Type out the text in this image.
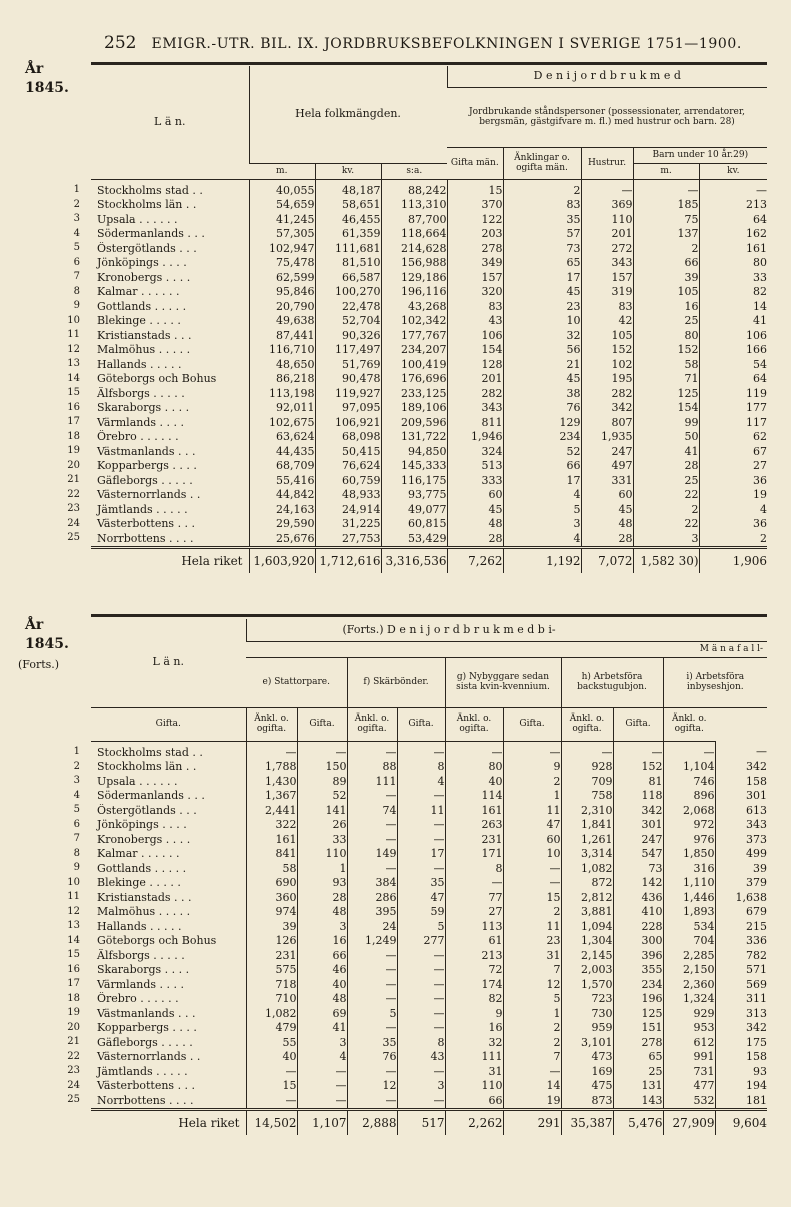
252 EMIGR.-UTR. BIL. IX. JORDBRUKSBEFOLKNINGEN I SVERIGE 1751—1900.
År
1845.
År
1845.
(Forts.)
1
2
3
4
5
6
7
8
9
10
11
12
13
14
15
16
17
18
19
20
21
22
23
24
25
1
2
3
4
5
6
7
8
9
10
11
12
13
14
15
16
17
18
19
20
21
22
23
24
25
L ä n.	Hela folkmängden.			D e n i j o r d b r u k m e d				
				Jordbrukande ståndspersoner (possessionater, arrendatorer, bergsmän, gästgifvare m. fl.) med hustrur och barn. 28)				
				Gifta män.	Änklingar o. ogifta män.	Hustrur.	Barn under 10 år.29)	
	m.	kv.	s:a.				m.	kv.
Stockholms stad . .	40,055	48,187	88,242	15	2	—	—	—
Stockholms län . .	54,659	58,651	113,310	370	83	369	185	213
Upsala . . . . . .	41,245	46,455	87,700	122	35	110	75	64
Södermanlands . . .	57,305	61,359	118,664	203	57	201	137	162
Östergötlands . . .	102,947	111,681	214,628	278	73	272	2	161
Jönköpings . . . .	75,478	81,510	156,988	349	65	343	66	80
Kronobergs . . . .	62,599	66,587	129,186	157	17	157	39	33
Kalmar . . . . . .	95,846	100,270	196,116	320	45	319	105	82
Gottlands . . . . .	20,790	22,478	43,268	83	23	83	16	14
Blekinge . . . . .	49,638	52,704	102,342	43	10	42	25	41
Kristianstads . . .	87,441	90,326	177,767	106	32	105	80	106
Malmöhus . . . . .	116,710	117,497	234,207	154	56	152	152	166
Hallands . . . . .	48,650	51,769	100,419	128	21	102	58	54
Göteborgs och Bohus	86,218	90,478	176,696	201	45	195	71	64
Älfsborgs . . . . .	113,198	119,927	233,125	282	38	282	125	119
Skaraborgs . . . .	92,011	97,095	189,106	343	76	342	154	177
Värmlands . . . .	102,675	106,921	209,596	811	129	807	99	117
Örebro . . . . . .	63,624	68,098	131,722	1,946	234	1,935	50	62
Västmanlands . . .	44,435	50,415	94,850	324	52	247	41	67
Kopparbergs . . . .	68,709	76,624	145,333	513	66	497	28	27
Gäfleborgs . . . . .	55,416	60,759	116,175	333	17	331	25	36
Västernorrlands . .	44,842	48,933	93,775	60	4	60	22	19
Jämtlands . . . . .	24,163	24,914	49,077	45	5	45	2	4
Västerbottens . . .	29,590	31,225	60,815	48	3	48	22	36
Norrbottens . . . .	25,676	27,753	53,429	28	4	28	3	2
Hela riket	1,603,920	1,712,616	3,316,536	7,262	1,192	7,072	1,582 30)	1,906
L ä n.	(Forts.) D e n i j o r d b r u k m e d b i-									
	M ä n a f a l l-									
	e) Stattorpare.		f) Skärbönder.		g) Nybyggare sedan sista kvin-kvennium.		h) Arbetsföra backstugubjon.		i) Arbetsföra inbyseshjon.	
Gifta.	Änkl. o. ogifta.	Gifta.	Änkl. o. ogifta.	Gifta.	Änkl. o. ogifta.	Gifta.	Änkl. o. ogifta.	Gifta.	Änkl. o. ogifta.	
Stockholms stad . .	—	—	—	—	—	—	—	—	—	—
Stockholms län . .	1,788	150	88	8	80	9	928	152	1,104	342
Upsala . . . . . .	1,430	89	111	4	40	2	709	81	746	158
Södermanlands . . .	1,367	52	—	—	114	1	758	118	896	301
Östergötlands . . .	2,441	141	74	11	161	11	2,310	342	2,068	613
Jönköpings . . . .	322	26	—	—	263	47	1,841	301	972	343
Kronobergs . . . .	161	33	—	—	231	60	1,261	247	976	373
Kalmar . . . . . .	841	110	149	17	171	10	3,314	547	1,850	499
Gottlands . . . . .	58	1	—	—	8	—	1,082	73	316	39
Blekinge . . . . .	690	93	384	35	—	—	872	142	1,110	379
Kristianstads . . .	360	28	286	47	77	15	2,812	436	1,446	1,638
Malmöhus . . . . .	974	48	395	59	27	2	3,881	410	1,893	679
Hallands . . . . .	39	3	24	5	113	11	1,094	228	534	215
Göteborgs och Bohus	126	16	1,249	277	61	23	1,304	300	704	336
Älfsborgs . . . . .	231	66	—	—	213	31	2,145	396	2,285	782
Skaraborgs . . . .	575	46	—	—	72	7	2,003	355	2,150	571
Värmlands . . . .	718	40	—	—	174	12	1,570	234	2,360	569
Örebro . . . . . .	710	48	—	—	82	5	723	196	1,324	311
Västmanlands . . .	1,082	69	5	—	9	1	730	125	929	313
Kopparbergs . . . .	479	41	—	—	16	2	959	151	953	342
Gäfleborgs . . . . .	55	3	35	8	32	2	3,101	278	612	175
Västernorrlands . .	40	4	76	43	111	7	473	65	991	158
Jämtlands . . . . .	—	—	—	—	31	—	169	25	731	93
Västerbottens . . .	15	—	12	3	110	14	475	131	477	194
Norrbottens . . . .	—	—	—	—	66	19	873	143	532	181
Hela riket	14,502	1,107	2,888	517	2,262	291	35,387	5,476	27,909	9,604
